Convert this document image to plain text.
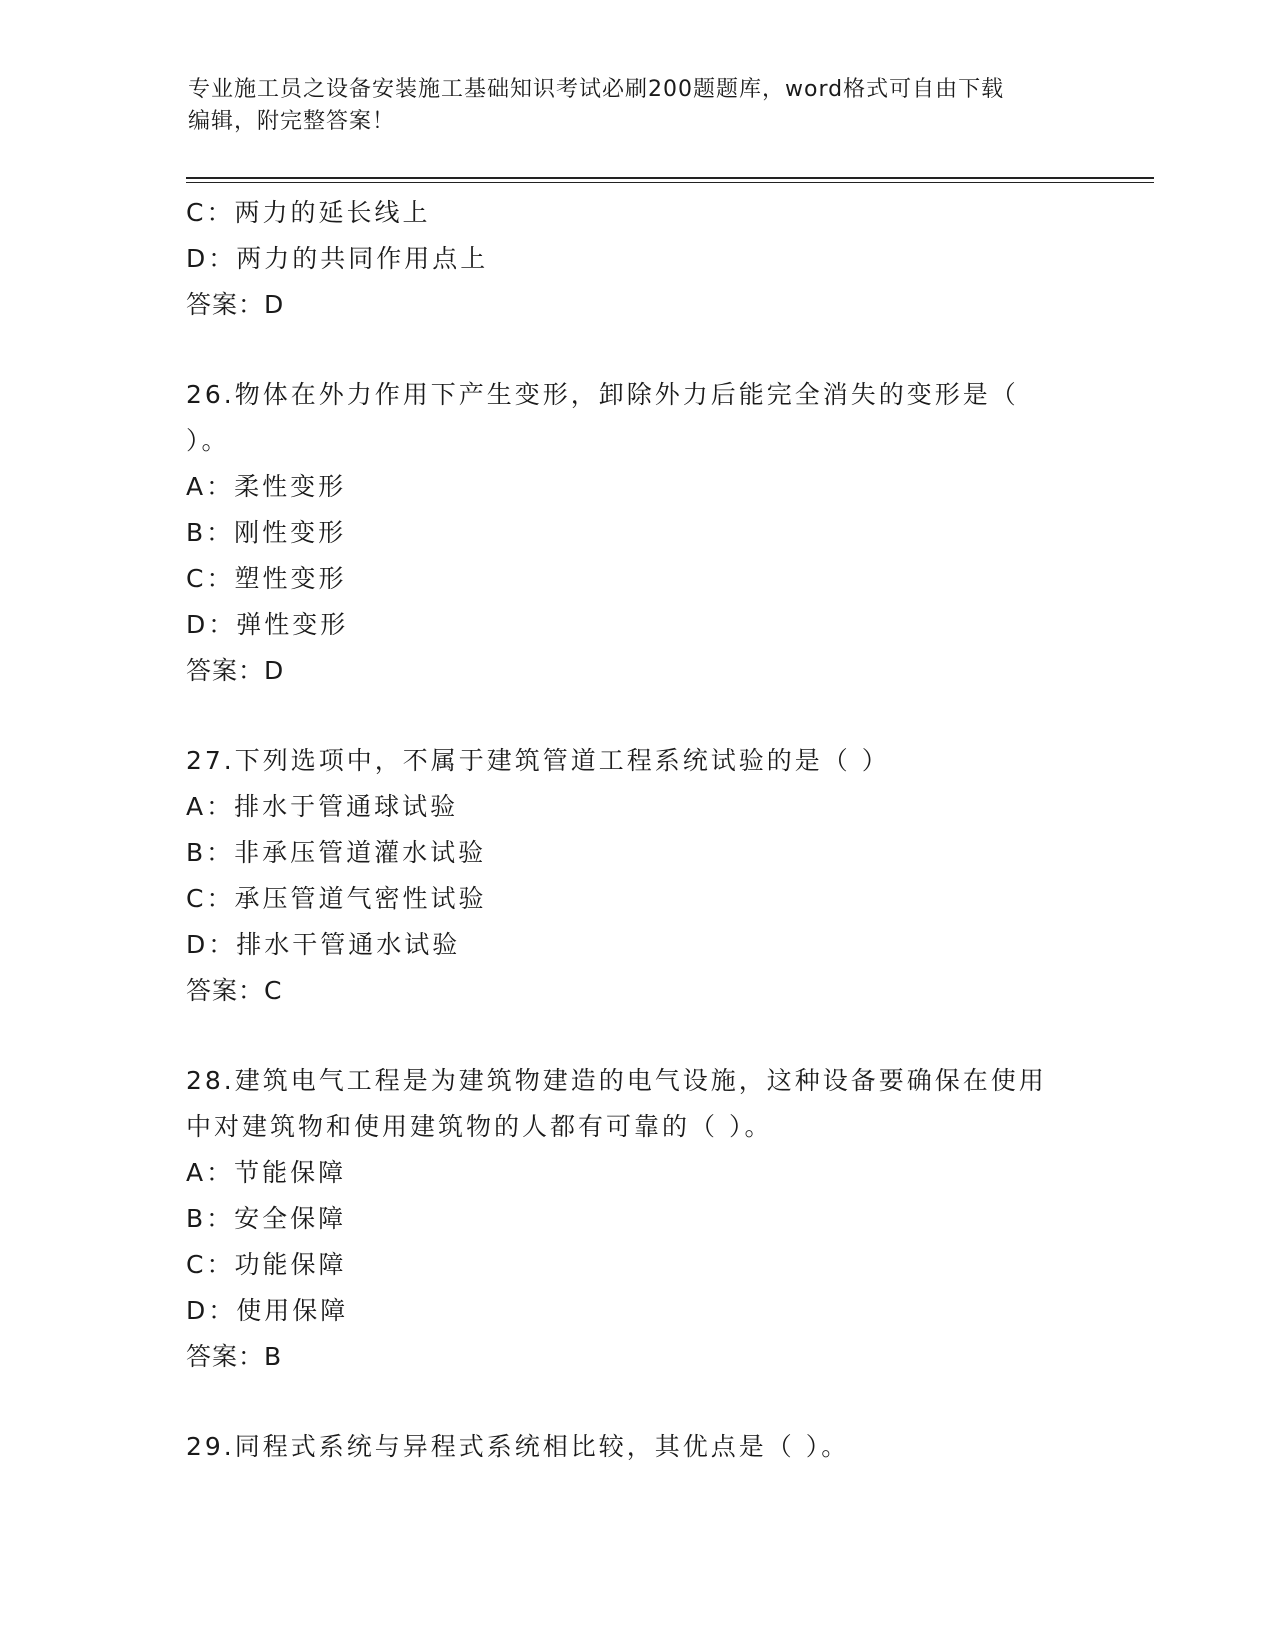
专业施工员之设备安装施工基础知识考试必刷200题题库，word格式可自由下载
编辑，附完整答案！
C：两力的延长线上
D：两力的共同作用点上
答案：D
26.物体在外力作用下产生变形，卸除外力后能完全消失的变形是（
）。
A：柔性变形
B：刚性变形
C：塑性变形
D：弹性变形
答案：D
27.下列选项中，不属于建筑管道工程系统试验的是（ ）
A：排水于管通球试验
B：非承压管道灌水试验
C：承压管道气密性试验
D：排水干管通水试验
答案：C
28.建筑电气工程是为建筑物建造的电气设施，这种设备要确保在使用
中对建筑物和使用建筑物的人都有可靠的（ ）。
A：节能保障
B：安全保障
C：功能保障
D：使用保障
答案：B
29.同程式系统与异程式系统相比较，其优点是（ ）。
